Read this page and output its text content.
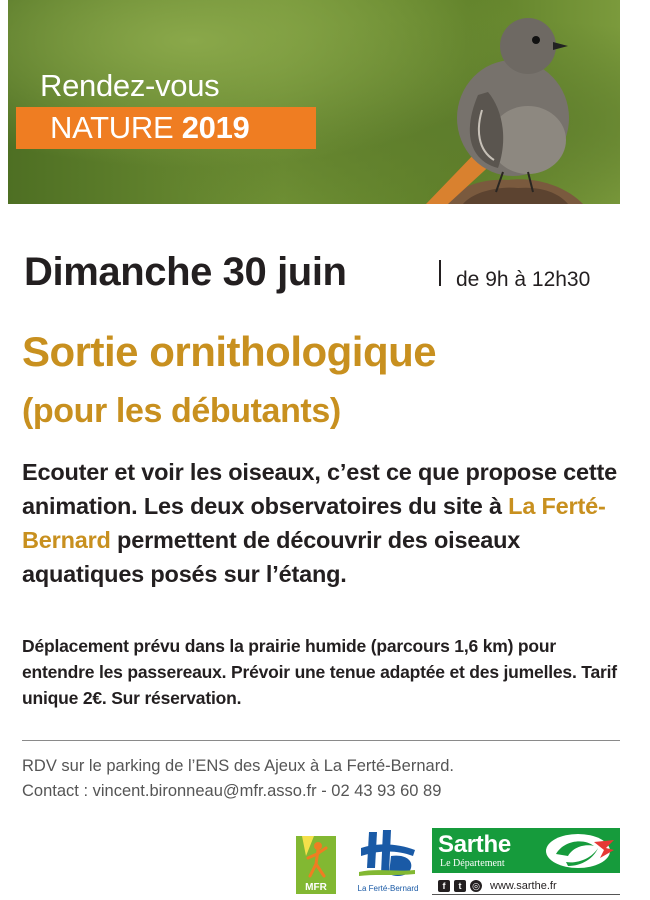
Rendez-vous
NATURE 2019
Dimanche 30 juin	de 9h à 12h30
Sortie ornithologique
(pour les débutants)
Ecouter et voir les oiseaux, c’est ce que propose cette animation. Les deux observatoires du site à La Ferté-Bernard permettent de découvrir des oiseaux aquatiques posés sur l’étang.
Déplacement prévu dans la prairie humide (parcours 1,6 km) pour entendre les passereaux. Prévoir une tenue adaptée et des jumelles. Tarif unique 2€. Sur réservation.
RDV sur le parking de l’ENS des Ajeux à La Ferté-Bernard.
Contact : vincent.bironneau@mfr.asso.fr - 02 43 93 60 89
MFR	La Ferté-Bernard
Sarthe
Le Département
f	t	◎ www.sarthe.fr
